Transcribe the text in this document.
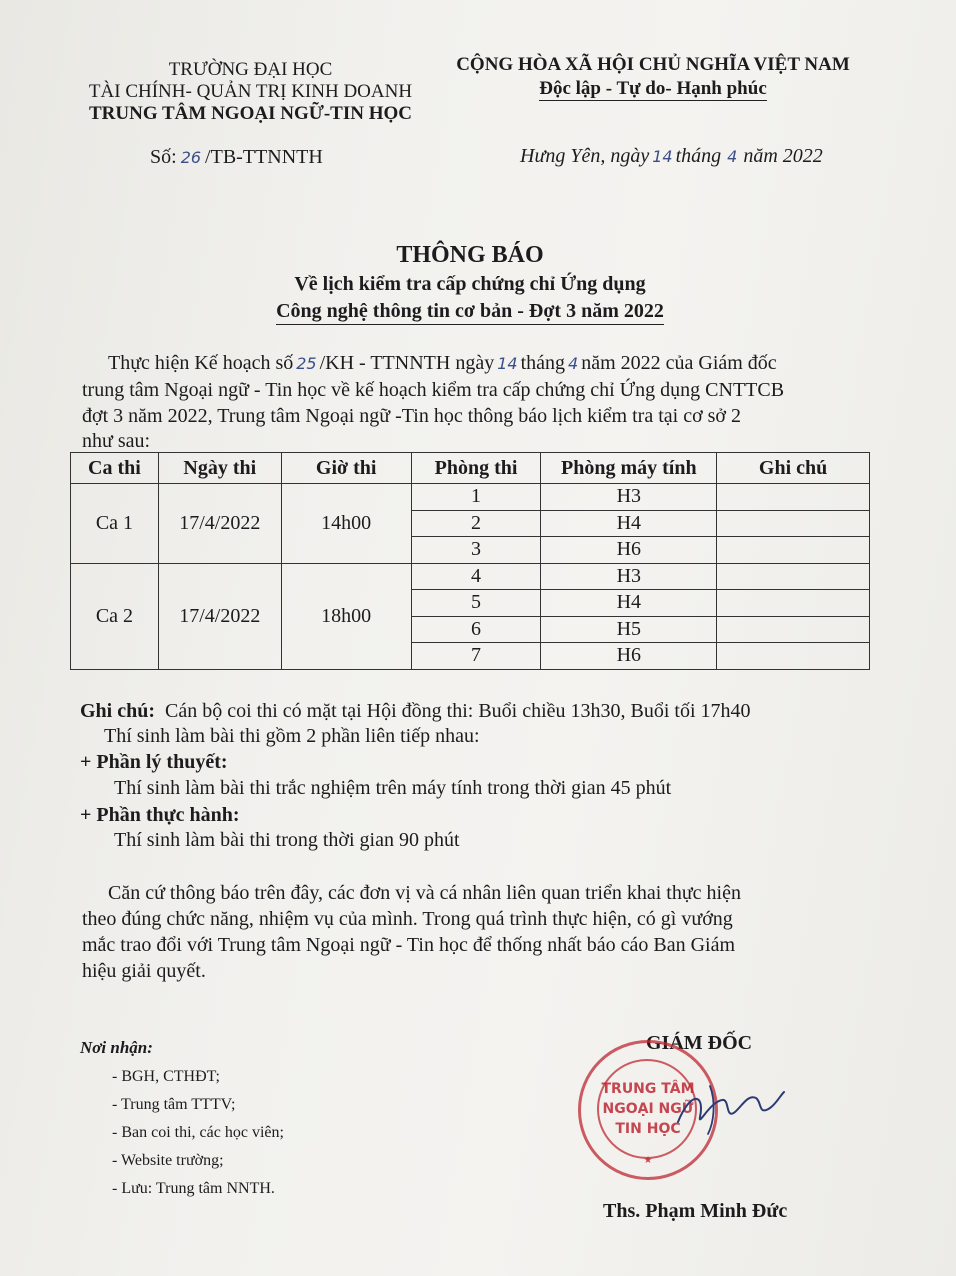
TRƯỜNG ĐẠI HỌC
TÀI CHÍNH- QUẢN TRỊ KINH DOANH
TRUNG TÂM NGOẠI NGỮ-TIN HỌC
Số: 26 /TB-TTNNTH
CỘNG HÒA XÃ HỘI CHỦ NGHĨA VIỆT NAM
Độc lập - Tự do- Hạnh phúc
Hưng Yên, ngày 14 tháng 4 năm 2022
THÔNG BÁO
Về lịch kiểm tra cấp chứng chỉ Ứng dụng
Công nghệ thông tin cơ bản - Đợt 3 năm 2022
Thực hiện Kế hoạch số 25 /KH - TTNNTH ngày 14 tháng 4 năm 2022 của Giám đốc
trung tâm Ngoại ngữ - Tin học về kế hoạch kiểm tra cấp chứng chỉ Ứng dụng CNTTCB
đợt 3 năm 2022, Trung tâm Ngoại ngữ -Tin học thông báo lịch kiểm tra tại cơ sở 2
như sau:
Ca thi	Ngày thi	Giờ thi	Phòng thi	Phòng máy tính	Ghi chú
Ca 1	17/4/2022	14h00	1	H3	
			2	H4	
			3	H6	
Ca 2	17/4/2022	18h00	4	H3	
			5	H4	
			6	H5	
			7	H6	
Ghi chú: Cán bộ coi thi có mặt tại Hội đồng thi: Buổi chiều 13h30, Buổi tối 17h40
Thí sinh làm bài thi gồm 2 phần liên tiếp nhau:
+ Phần lý thuyết:
Thí sinh làm bài thi trắc nghiệm trên máy tính trong thời gian 45 phút
+ Phần thực hành:
Thí sinh làm bài thi trong thời gian 90 phút
Căn cứ thông báo trên đây, các đơn vị và cá nhân liên quan triển khai thực hiện
theo đúng chức năng, nhiệm vụ của mình. Trong quá trình thực hiện, có gì vướng
mắc trao đổi với Trung tâm Ngoại ngữ - Tin học để thống nhất báo cáo Ban Giám
hiệu giải quyết.
Nơi nhận:
- BGH, CTHĐT;
- Trung tâm TTTV;
- Ban coi thi, các học viên;
- Website trường;
- Lưu: Trung tâm NNTH.
GIÁM ĐỐC
TRUNG TÂM
NGOẠI NGỮ
TIN HỌC
★
Ths. Phạm Minh Đức
